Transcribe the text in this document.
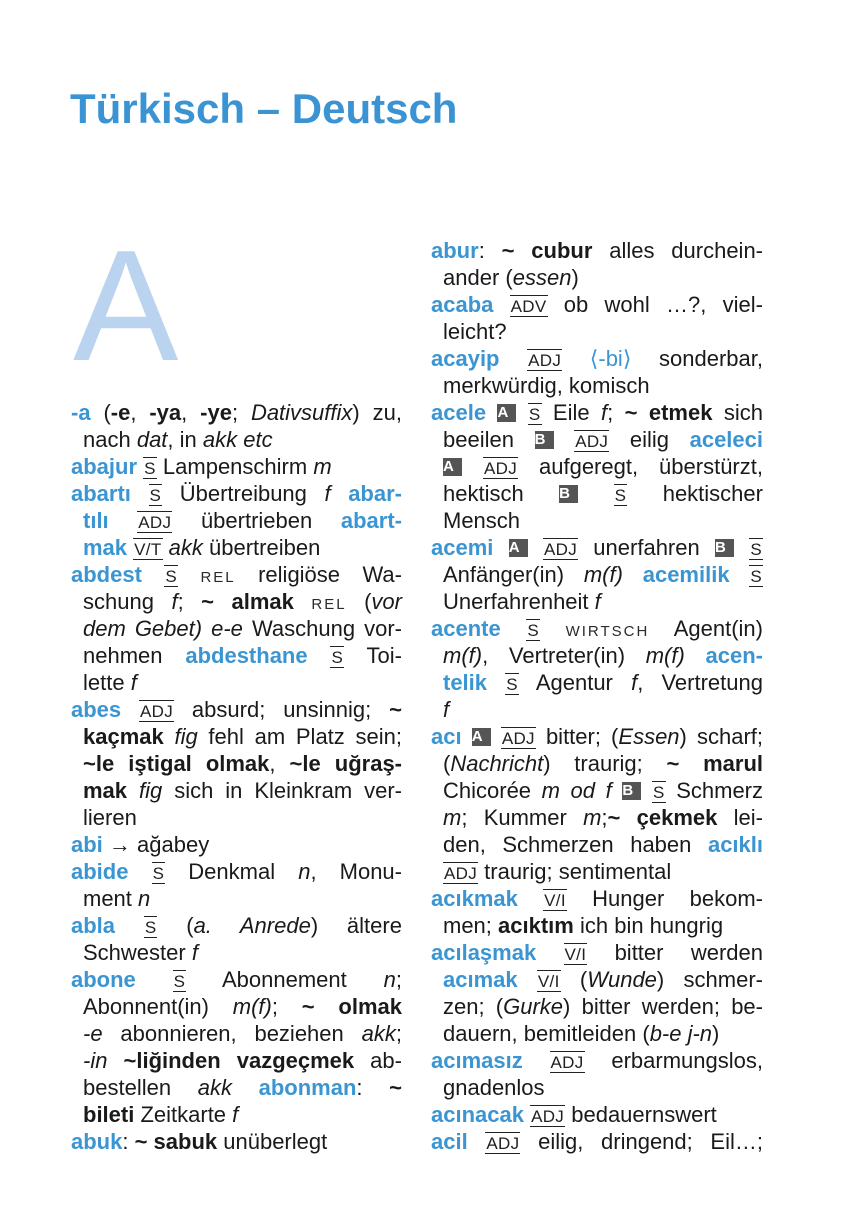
Türkisch – Deutsch
A
-a (-e, -ya, -ye; Dativsuffix) zu,
nach dat, in akk etc
abajur S Lampenschirm m
abartı S Übertreibung f abar-
tılı ADJ übertrieben abart-
mak V/T akk übertreiben
abdest S REL religiöse Wa-
schung f; ~ almak REL (vor
dem Gebet) e-e Waschung vor-
nehmen abdesthane S Toi-
lette f
abes ADJ absurd; unsinnig; ~
kaçmak fig fehl am Platz sein;
~le iştigal olmak, ~le uğraş-
mak fig sich in Kleinkram ver-
lieren
abi → ağabey
abide S Denkmal n, Monu-
ment n
abla S (a. Anrede) ältere
Schwester f
abone S Abonnement n;
Abonnent(in) m(f); ~ olmak
-e abonnieren, beziehen akk;
-in ~liğinden vazgeçmek ab-
bestellen akk abonman: ~
bileti Zeitkarte f
abuk: ~ sabuk unüberlegt
abur: ~ cubur alles durchein-
ander (essen)
acaba ADV ob wohl …?, viel-
leicht?
acayip ADJ ⟨-bi⟩ sonderbar,
merkwürdig, komisch
acele A S Eile f; ~ etmek sich
beeilen B ADJ eilig aceleci
A ADJ aufgeregt, überstürzt,
hektisch B	S hektischer
Mensch
acemi A ADJ unerfahren B S
Anfänger(in) m(f) acemilik S
Unerfahrenheit f
acente S WIRTSCH Agent(in)
m(f), Vertreter(in) m(f) acen-
telik S Agentur f, Vertretung
f
acı A ADJ bitter; (Essen) scharf;
(Nachricht) traurig; ~ marul
Chicorée m od f B S Schmerz
m; Kummer m;~ çekmek lei-
den, Schmerzen haben acıklı
ADJ traurig; sentimental
acıkmak V/I Hunger bekom-
men; acıktım ich bin hungrig
acılaşmak V/I bitter werden
acımak V/I (Wunde) schmer-
zen; (Gurke) bitter werden; be-
dauern, bemitleiden (b-e j-n)
acımasız ADJ erbarmungslos,
gnadenlos
acınacak ADJ bedauernswert
acil ADJ eilig, dringend; Eil…;
